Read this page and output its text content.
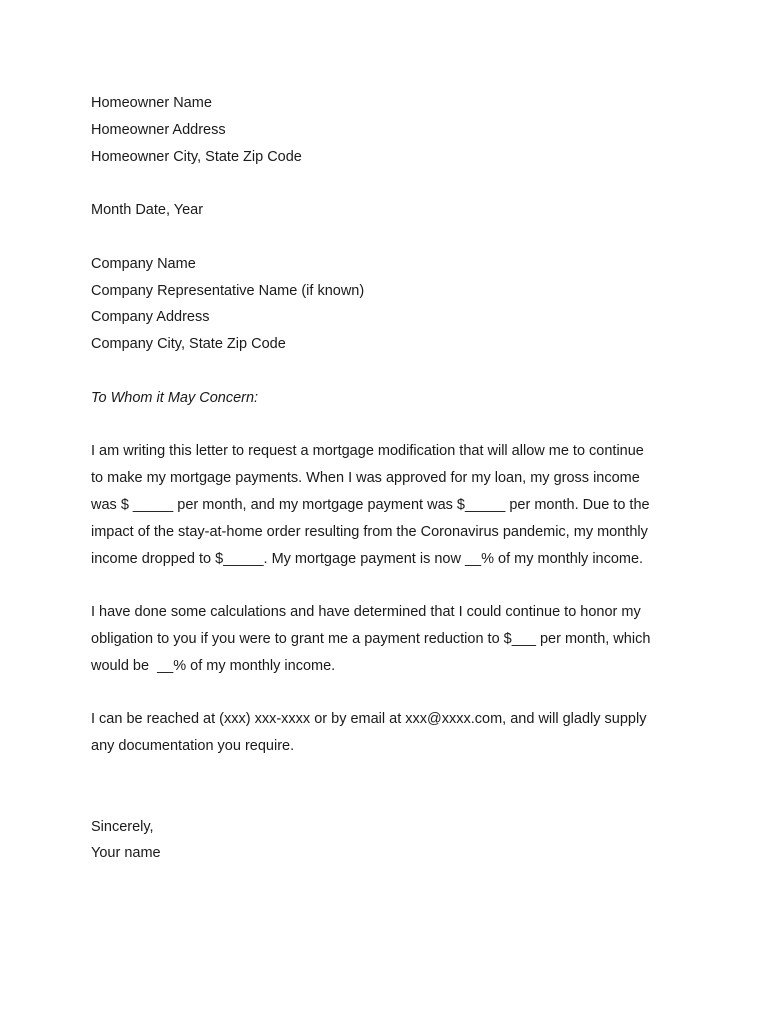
Homeowner Name
Homeowner Address
Homeowner City, State Zip Code
Month Date, Year
Company Name
Company Representative Name (if known)
Company Address
Company City, State Zip Code
To Whom it May Concern:
I am writing this letter to request a mortgage modification that will allow me to continue
to make my mortgage payments. When I was approved for my loan, my gross income
was $ _____ per month, and my mortgage payment was $_____ per month. Due to the
impact of the stay-at-home order resulting from the Coronavirus pandemic, my monthly
income dropped to $_____. My mortgage payment is now __% of my monthly income.
I have done some calculations and have determined that I could continue to honor my
obligation to you if you were to grant me a payment reduction to $___ per month, which
would be  __% of my monthly income.
I can be reached at (xxx) xxx-xxxx or by email at xxx@xxxx.com, and will gladly supply
any documentation you require.
Sincerely,
Your name
